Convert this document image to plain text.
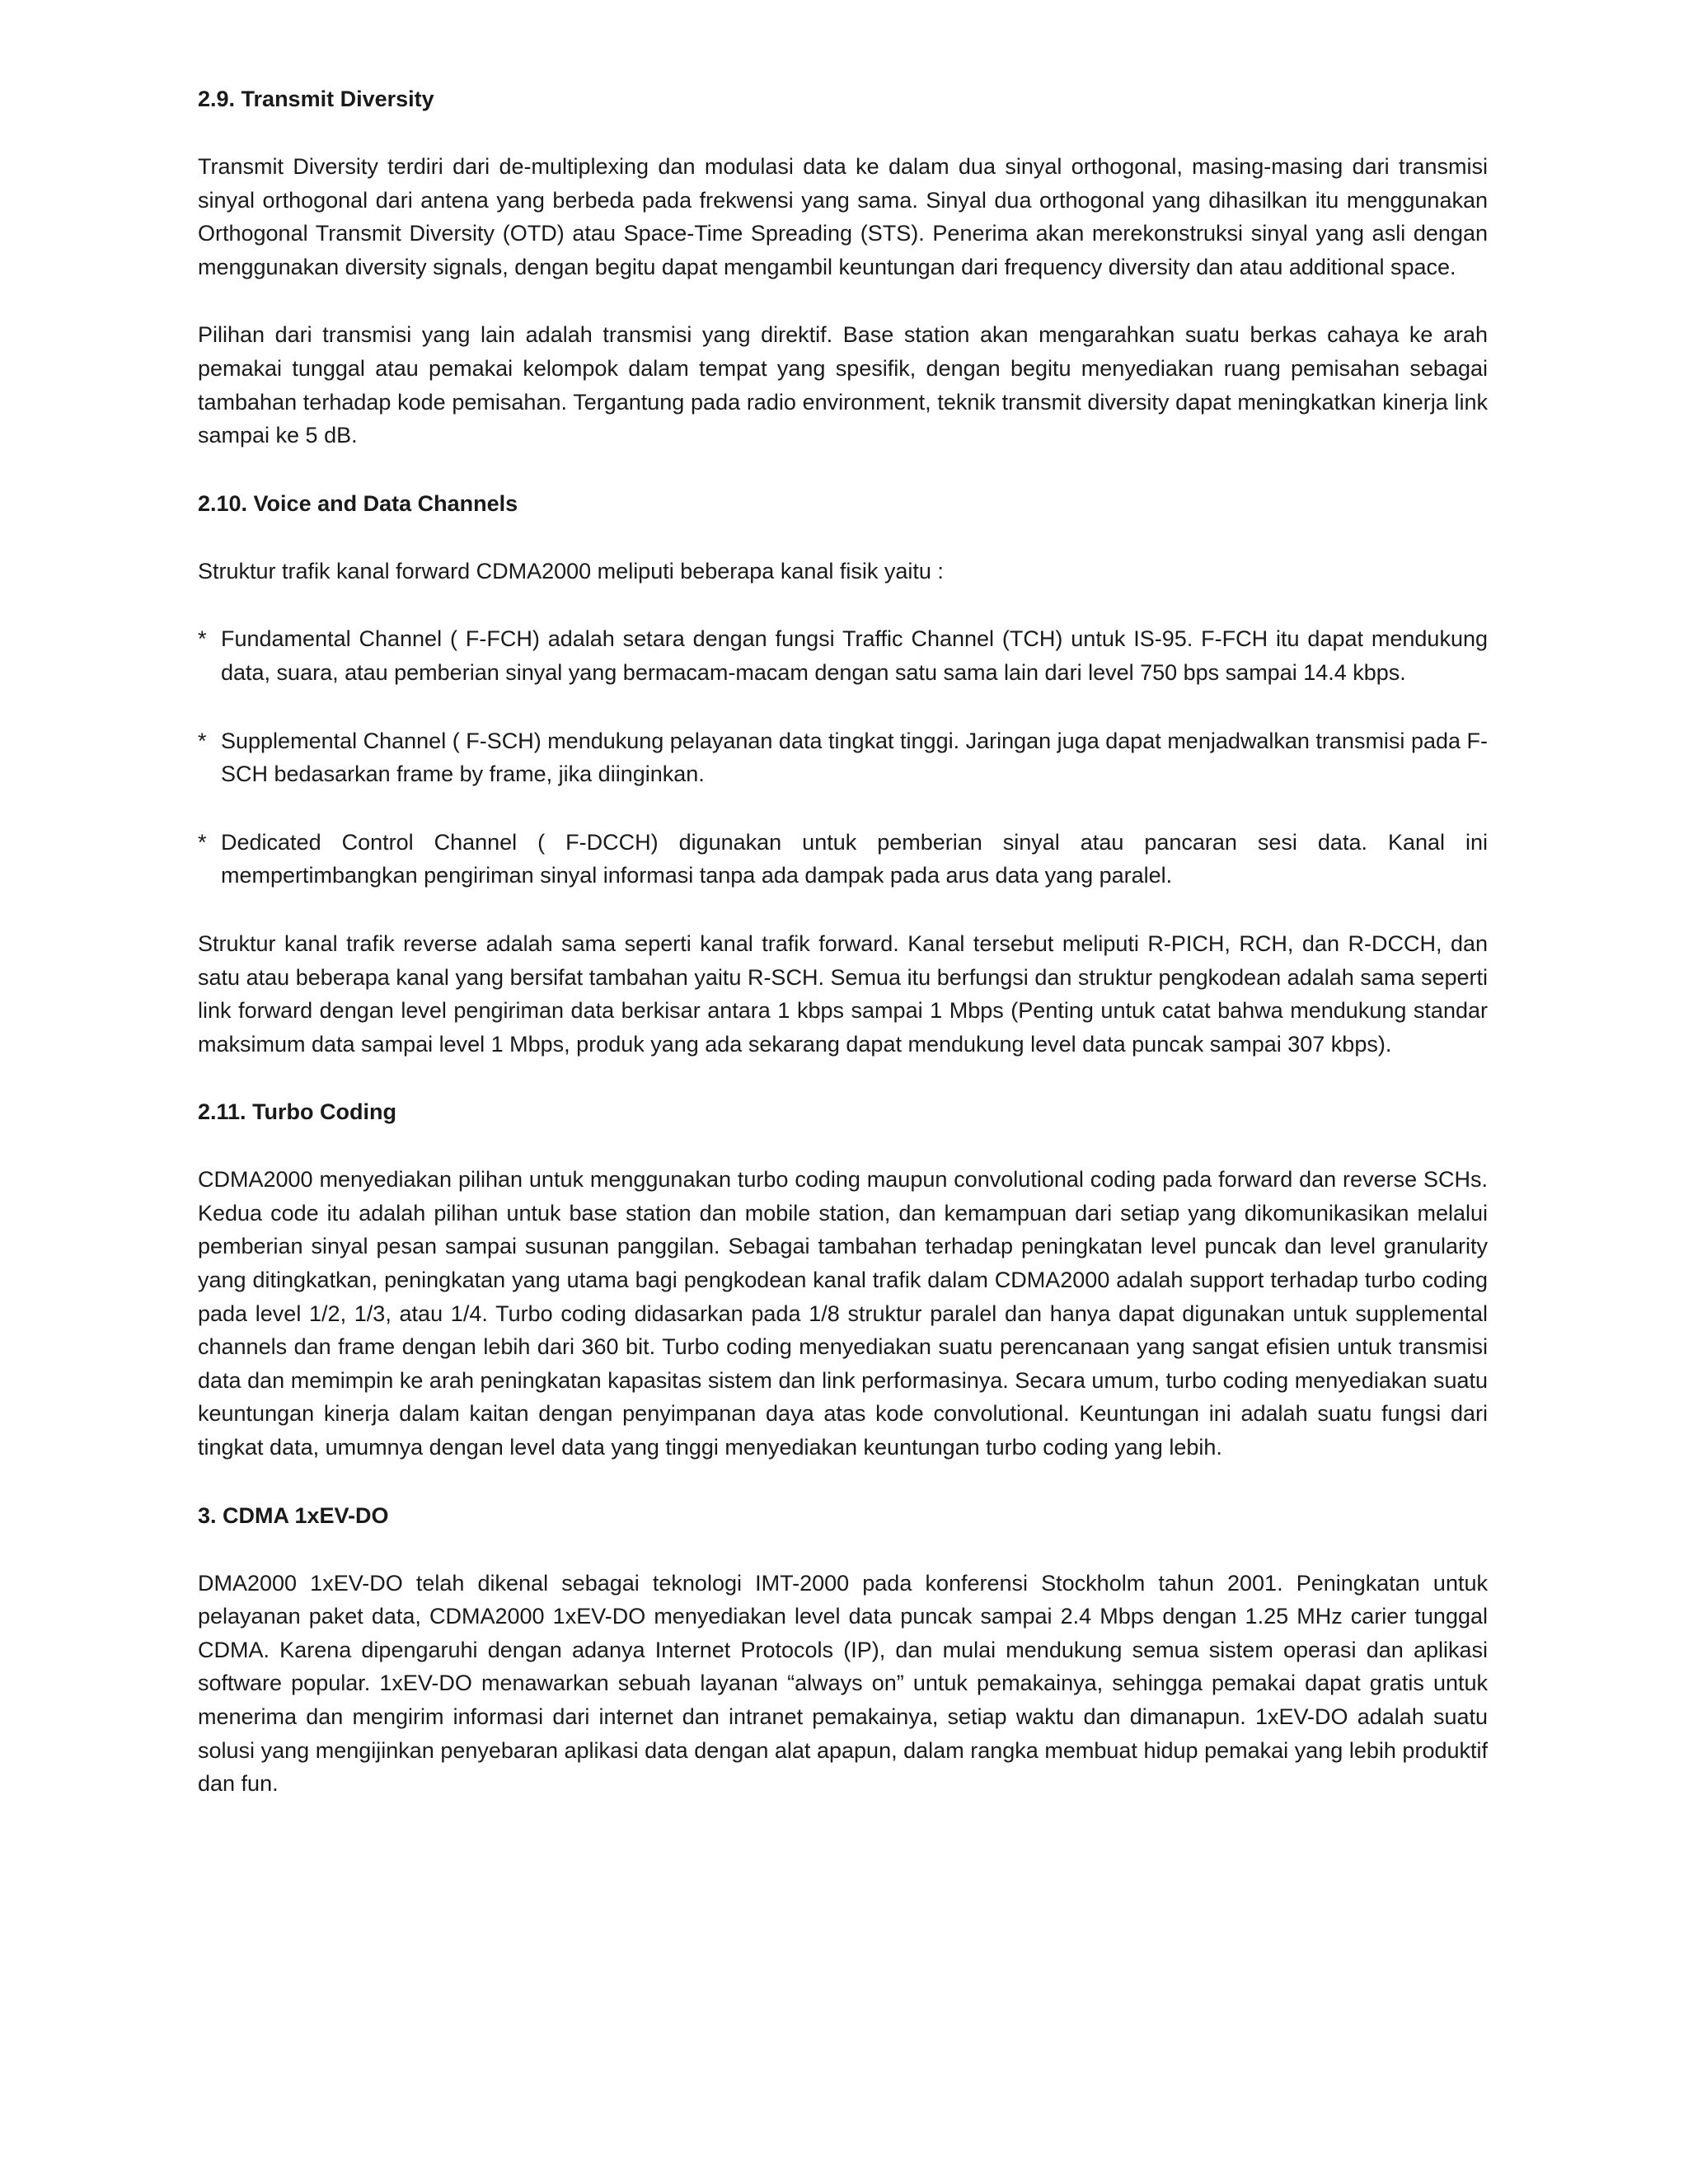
2.9. Transmit Diversity
Transmit Diversity terdiri dari de-multiplexing dan modulasi data ke dalam dua sinyal orthogonal, masing-masing dari transmisi sinyal orthogonal dari antena yang berbeda pada frekwensi yang sama. Sinyal dua orthogonal yang dihasilkan itu menggunakan Orthogonal Transmit Diversity (OTD) atau Space-Time Spreading (STS). Penerima akan merekonstruksi sinyal yang asli dengan menggunakan diversity signals, dengan begitu dapat mengambil keuntungan dari frequency diversity dan atau additional space.
Pilihan dari transmisi yang lain adalah transmisi yang direktif. Base station akan mengarahkan suatu berkas cahaya ke arah pemakai tunggal atau pemakai kelompok dalam tempat yang spesifik, dengan begitu menyediakan ruang pemisahan sebagai tambahan terhadap kode pemisahan. Tergantung pada radio environment, teknik transmit diversity dapat meningkatkan kinerja link sampai ke 5 dB.
2.10. Voice and Data Channels
Struktur trafik kanal forward CDMA2000 meliputi beberapa kanal fisik yaitu :
* Fundamental Channel ( F-FCH) adalah setara dengan fungsi Traffic Channel (TCH) untuk IS-95. F-FCH itu dapat mendukung data, suara, atau pemberian sinyal yang bermacam-macam dengan satu sama lain dari level 750 bps sampai 14.4 kbps.
* Supplemental Channel ( F-SCH) mendukung pelayanan data tingkat tinggi. Jaringan juga dapat menjadwalkan transmisi pada F-SCH bedasarkan frame by frame, jika diinginkan.
* Dedicated Control Channel ( F-DCCH) digunakan untuk pemberian sinyal atau pancaran sesi data. Kanal ini mempertimbangkan pengiriman sinyal informasi tanpa ada dampak pada arus data yang paralel.
Struktur kanal trafik reverse adalah sama seperti kanal trafik forward. Kanal tersebut meliputi R-PICH, RCH, dan R-DCCH, dan satu atau beberapa kanal yang bersifat tambahan yaitu R-SCH. Semua itu berfungsi dan struktur pengkodean adalah sama seperti link forward dengan level pengiriman data berkisar antara 1 kbps sampai 1 Mbps (Penting untuk catat bahwa mendukung standar maksimum data sampai level 1 Mbps, produk yang ada sekarang dapat mendukung level data puncak sampai 307 kbps).
2.11. Turbo Coding
CDMA2000 menyediakan pilihan untuk menggunakan turbo coding maupun convolutional coding pada forward dan reverse SCHs. Kedua code itu adalah pilihan untuk base station dan mobile station, dan kemampuan dari setiap yang dikomunikasikan melalui pemberian sinyal pesan sampai susunan panggilan. Sebagai tambahan terhadap peningkatan level puncak dan level granularity yang ditingkatkan, peningkatan yang utama bagi pengkodean kanal trafik dalam CDMA2000 adalah support terhadap turbo coding pada level 1/2, 1/3, atau 1/4. Turbo coding didasarkan pada 1/8 struktur paralel dan hanya dapat digunakan untuk supplemental channels dan frame dengan lebih dari 360 bit. Turbo coding menyediakan suatu perencanaan yang sangat efisien untuk transmisi data dan memimpin ke arah peningkatan kapasitas sistem dan link performasinya. Secara umum, turbo coding menyediakan suatu keuntungan kinerja dalam kaitan dengan penyimpanan daya atas kode convolutional. Keuntungan ini adalah suatu fungsi dari tingkat data, umumnya dengan level data yang tinggi menyediakan keuntungan turbo coding yang lebih.
3. CDMA 1xEV-DO
DMA2000 1xEV-DO telah dikenal sebagai teknologi IMT-2000 pada konferensi Stockholm tahun 2001. Peningkatan untuk pelayanan paket data, CDMA2000 1xEV-DO menyediakan level data puncak sampai 2.4 Mbps dengan 1.25 MHz carier tunggal CDMA. Karena dipengaruhi dengan adanya Internet Protocols (IP), dan mulai mendukung semua sistem operasi dan aplikasi software popular. 1xEV-DO menawarkan sebuah layanan “always on” untuk pemakainya, sehingga pemakai dapat gratis untuk menerima dan mengirim informasi dari internet dan intranet pemakainya, setiap waktu dan dimanapun. 1xEV-DO adalah suatu solusi yang mengijinkan penyebaran aplikasi data dengan alat apapun, dalam rangka membuat hidup pemakai yang lebih produktif dan fun.
